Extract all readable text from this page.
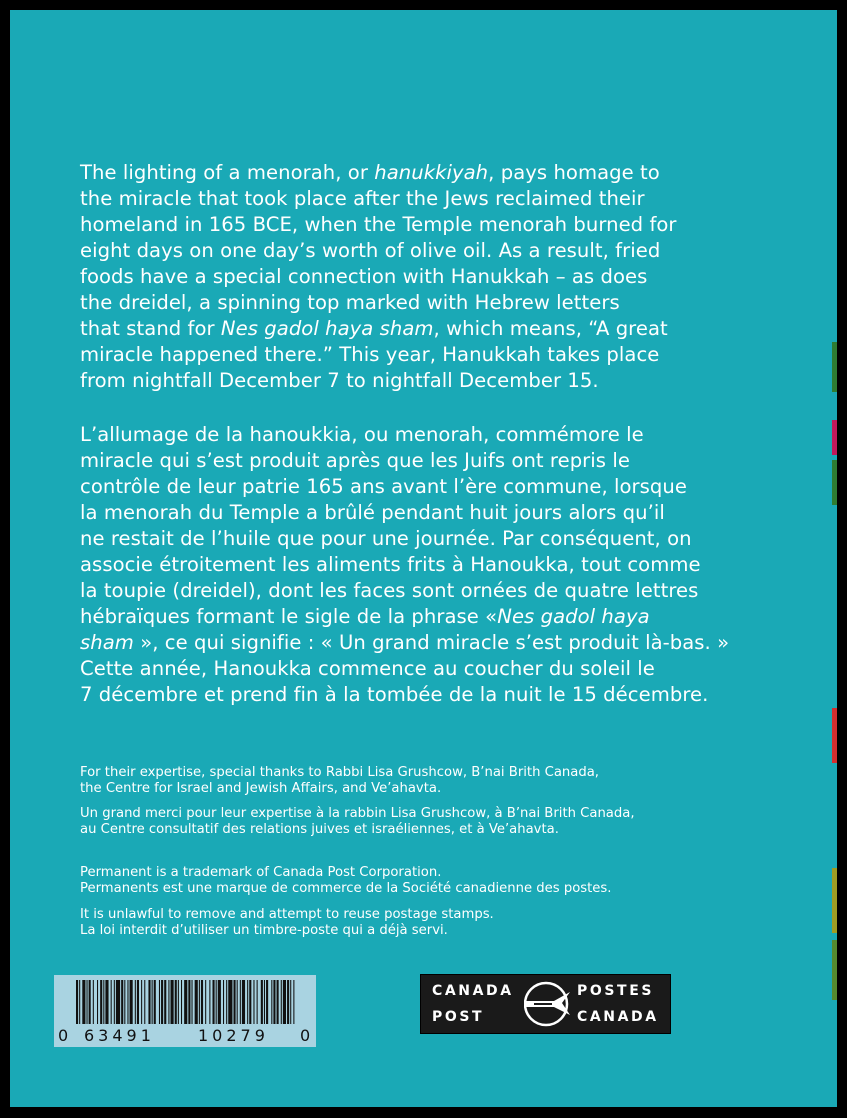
The lighting of a menorah, or hanukkiyah, pays homage to
the miracle that took place after the Jews reclaimed their
homeland in 165 BCE, when the Temple menorah burned for
eight days on one day’s worth of olive oil. As a result, fried
foods have a special connection with Hanukkah – as does
the dreidel, a spinning top marked with Hebrew letters
that stand for Nes gadol haya sham, which means, “A great
miracle happened there.” This year, Hanukkah takes place
from nightfall December 7 to nightfall December 15.
L’allumage de la hanoukkia, ou menorah, commémore le
miracle qui s’est produit après que les Juifs ont repris le
contrôle de leur patrie 165 ans avant l’ère commune, lorsque
la menorah du Temple a brûlé pendant huit jours alors qu’il
ne restait de l’huile que pour une journée. Par conséquent, on
associe étroitement les aliments frits à Hanoukka, tout comme
la toupie (dreidel), dont les faces sont ornées de quatre lettres
hébraïques formant le sigle de la phrase «Nes gadol haya
sham », ce qui signifie : « Un grand miracle s’est produit là-bas. »
Cette année, Hanoukka commence au coucher du soleil le
7 décembre et prend fin à la tombée de la nuit le 15 décembre.
For their expertise, special thanks to Rabbi Lisa Grushcow, B’nai Brith Canada,
the Centre for Israel and Jewish Affairs, and Ve’ahavta.
Un grand merci pour leur expertise à la rabbin Lisa Grushcow, à B’nai Brith Canada,
au Centre consultatif des relations juives et israéliennes, et à Ve’ahavta.
Permanent is a trademark of Canada Post Corporation.
Permanents est une marque de commerce de la Société canadienne des postes.
It is unlawful to remove and attempt to reuse postage stamps.
La loi interdit d’utiliser un timbre-poste qui a déjà servi.
0 63491	10279 0
CANADA	POSTES
POST	CANADA
